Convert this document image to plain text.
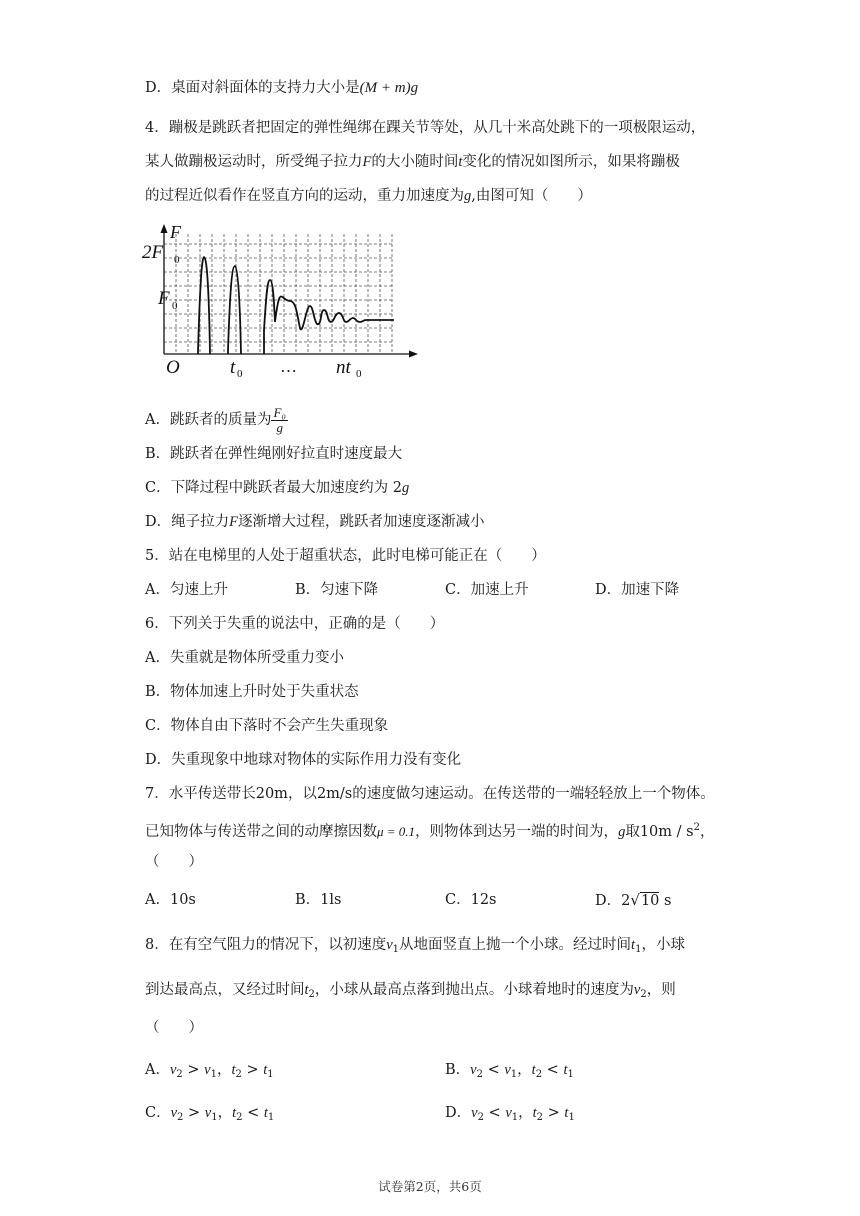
D．桌面对斜面体的支持力大小是(M + m)g
4．蹦极是跳跃者把固定的弹性绳绑在踝关节等处，从几十米高处跳下的一项极限运动，
某人做蹦极运动时，所受绳子拉力F的大小随时间t变化的情况如图所示，如果将蹦极
的过程近似看作在竖直方向的运动，重力加速度为g,由图可知（　　）
F
2F 0
F 0
O	t 0 … nt 0
A．跳跃者的质量为 $\frac{\text{F₀}}{g}$
B．跳跃者在弹性绳刚好拉直时速度最大
C．下降过程中跳跃者最大加速度约为 2g
D．绳子拉力F逐渐增大过程，跳跃者加速度逐渐减小
5．站在电梯里的人处于超重状态，此时电梯可能正在（　　）
A．匀速上升	B．匀速下降	C．加速上升	D．加速下降
6．下列关于失重的说法中，正确的是（　　）
A．失重就是物体所受重力变小
B．物体加速上升时处于失重状态
C．物体自由下落时不会产生失重现象
D．失重现象中地球对物体的实际作用力没有变化
7．水平传送带长20m，以2m/s的速度做匀速运动。在传送带的一端轻轻放上一个物体。
已知物体与传送带之间的动摩擦因数μ = 0.1，则物体到达另一端的时间为，g取$10m / s^2$，
（　　）
A．10s	B．1ls	C．12s	D．2√10 s
8．在有空气阻力的情况下，以初速度$v_1$从地面竖直上抛一个小球。经过时间$t_1$，小球
到达最高点，又经过时间$t_2$，小球从最高点落到抛出点。小球着地时的速度为$v_2$，则
（　　）
A．$v_2 > v_1$，$t_2 > t_1$	B．$v_2 < v_1$，$t_2 < t_1$
C．$v_2 > v_1$，$t_2 < t_1$	D．$v_2 < v_1$，$t_2 > t_1$
试卷第2页，共6页
